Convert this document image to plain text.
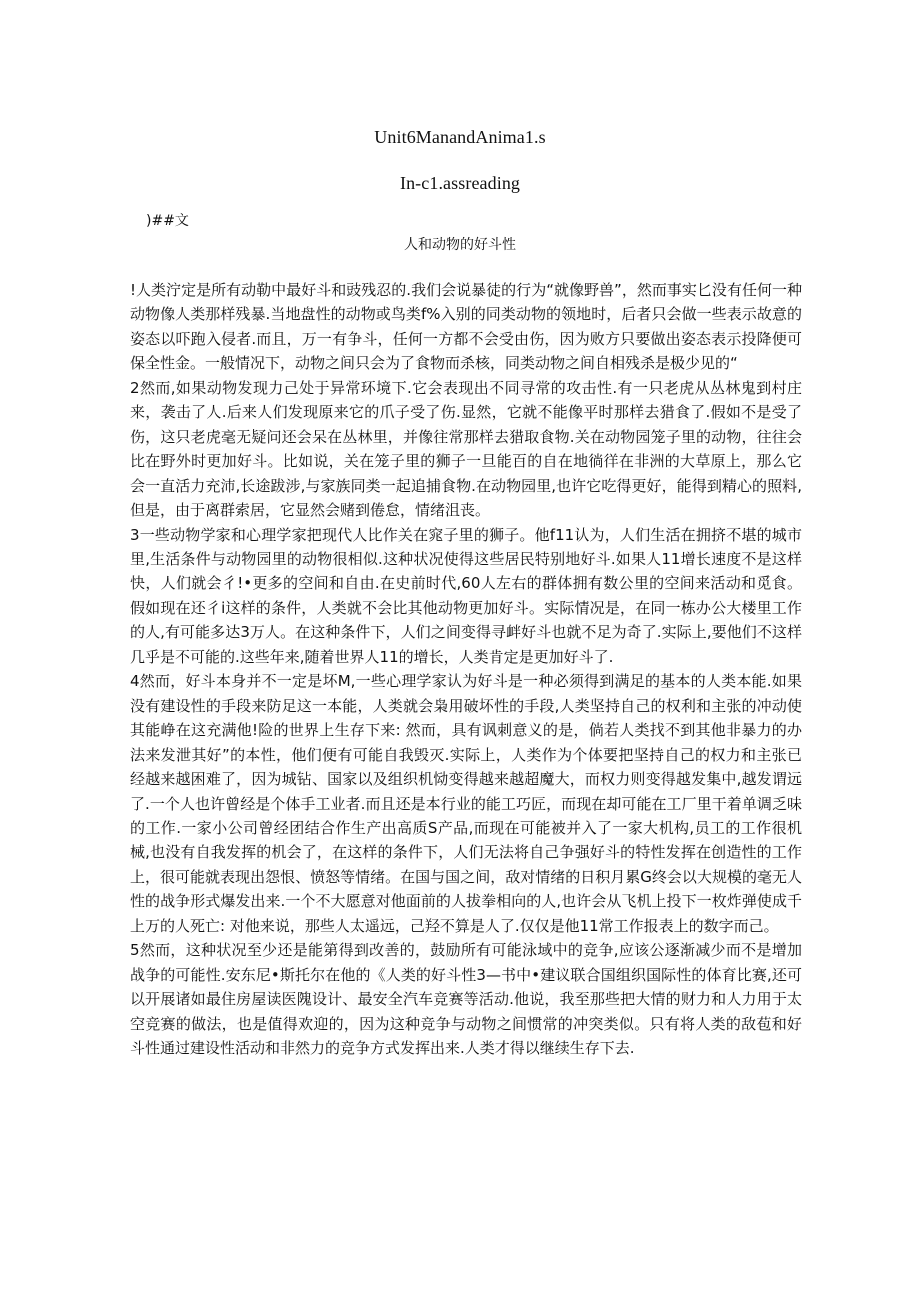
Unit6ManandAnima1.s
In-c1.assreading
)##文
人和动物的好斗性

!人类泞定是所有动勒中最好斗和豉残忍的.我们会说暴徒的行为“就像野兽”，然而事实匕没有任何一种动物像人类那样残暴.当地盘性的动物或鸟类f%入别的同类动物的领地时，后者只会做一些表示故意的姿态以吓跑入侵者.而且，万一有争斗，任何一方都不会受由伤，因为败方只要做出姿态表示投降便可保全性金。一般情况下，动物之间只会为了食物而杀核，同类动物之间自相残杀是极少见的“

2然而,如果动物发现力己处于异常环境下.它会表现出不同寻常的攻击性.有一只老虎从丛林鬼到村庄来，袭击了人.后来人们发现原来它的爪子受了伤.显然，它就不能像平时那样去猎食了.假如不是受了伤，这只老虎毫无疑问还会呆在丛林里，并像往常那样去猎取食物.关在动物园笼子里的动物，往往会比在野外时更加好斗。比如说，关在笼子里的狮子一旦能百的自在地徜徉在非洲的大草原上，那么它会一直活力充沛,长途跋涉,与家族同类一起追捕食物.在动物园里,也许它吃得更好，能得到精心的照料,但是，由于离群索居，它显然会赌到倦怠，情绪沮丧。

3一些动物学家和心理学家把现代人比作关在窕子里的狮子。他f11认为，人们生活在拥挤不堪的城市里,生活条件与动物园里的动物很相似.这种状况使得这些居民特别地好斗.如果人11增长速度不是这样快，人们就会彳!•更多的空间和自由.在史前时代,60人左右的群体拥有数公里的空间来活动和觅食。假如现在还彳i这样的条件，人类就不会比其他动物更加好斗。实际情况是，在同一栋办公大楼里工作的人,有可能多达3万人。在这种条件下，人们之间变得寻衅好斗也就不足为奇了.实际上,要他们不这样几乎是不可能的.这些年来,随着世界人11的增长，人类肯定是更加好斗了.

4然而，好斗本身并不一定是坏M,一些心理学家认为好斗是一种必须得到满足的基本的人类本能.如果没有建设性的手段来防足这一本能，人类就会枭用破坏性的手段,人类坚持自己的权利和主张的冲动使其能峥在这充满他!险的世界上生存下来: 然而，具有讽刺意义的是，倘若人类找不到其他非暴力的办法来发泄其好”的本性，他们便有可能自我毁灭.实际上，人类作为个体要把坚持自己的权力和主张已经越来越困难了，因为城钻、国家以及组织机恸变得越来越超魔大，而权力则变得越发集中,越发谓远了.一个人也许曾经是个体手工业者.而且还是本行业的能工巧匠，而现在却可能在工厂里干着单调乏味的工作.一家小公司曾经团结合作生产出高质S产品,而现在可能被并入了一家大机构,员工的工作很机械,也没有自我发挥的机会了，在这样的条件下，人们无法将自己争强好斗的特性发挥在创造性的工作上，很可能就表现出怨恨、愤怒等情绪。在国与国之间，敌对情绪的日积月累G终会以大规模的毫无人性的战争形式爆发出来.一个不大愿意对他面前的人拔拳相向的人,也许会从飞机上投下一枚炸弹使成千上万的人死亡: 对他来说，那些人太遥远，己羟不算是人了.仅仅是他11常工作报表上的数字而己。

5然而，这种状况至少还是能第得到改善的，鼓励所有可能泳域中的竞争,应该公逐渐减少而不是增加战争的可能性.安东尼•斯托尔在他的《人类的好斗性3—书中•建议联合国组织国际性的体育比赛,还可以开展诸如最住房屋读医隗设计、最安全汽车竞赛等活动.他说，我至那些把大情的财力和人力用于太空竞赛的做法，也是值得欢迎的，因为这种竞争与动物之间惯常的冲突类似。只有将人类的敌苞和好斗性通过建设性活动和非然力的竞争方式发挥出来.人类才得以继续生存下去.
